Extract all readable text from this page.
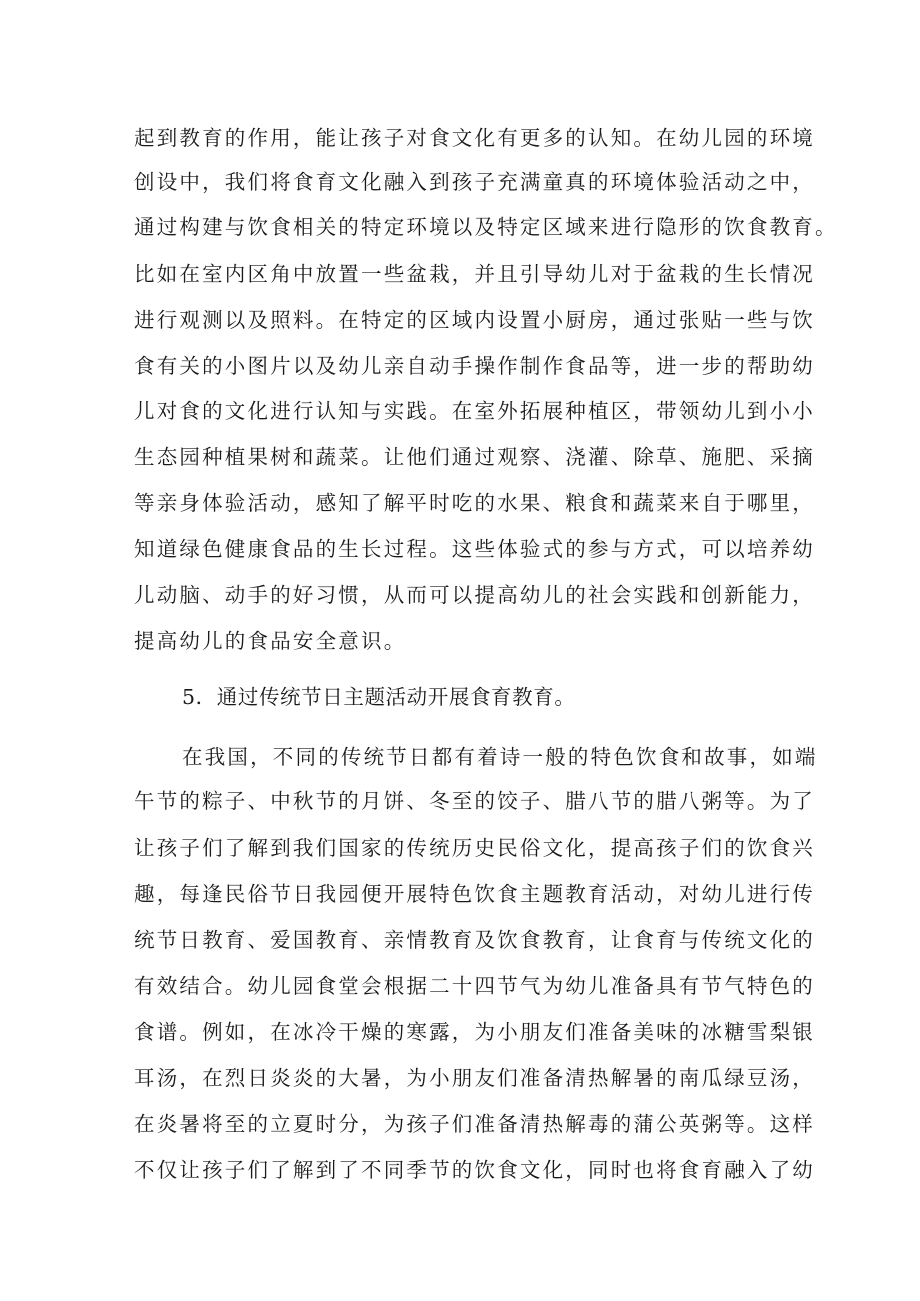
起到教育的作用，能让孩子对食文化有更多的认知。在幼儿园的环境
创设中，我们将食育文化融入到孩子充满童真的环境体验活动之中，
通过构建与饮食相关的特定环境以及特定区域来进行隐形的饮食教育。
比如在室内区角中放置一些盆栽，并且引导幼儿对于盆栽的生长情况
进行观测以及照料。在特定的区域内设置小厨房，通过张贴一些与饮
食有关的小图片以及幼儿亲自动手操作制作食品等，进一步的帮助幼
儿对食的文化进行认知与实践。在室外拓展种植区，带领幼儿到小小
生态园种植果树和蔬菜。让他们通过观察、浇灌、除草、施肥、采摘
等亲身体验活动，感知了解平时吃的水果、粮食和蔬菜来自于哪里，
知道绿色健康食品的生长过程。这些体验式的参与方式，可以培养幼
儿动脑、动手的好习惯，从而可以提高幼儿的社会实践和创新能力，
提高幼儿的食品安全意识。
5．通过传统节日主题活动开展食育教育。
在我国，不同的传统节日都有着诗一般的特色饮食和故事，如端
午节的粽子、中秋节的月饼、冬至的饺子、腊八节的腊八粥等。为了
让孩子们了解到我们国家的传统历史民俗文化，提高孩子们的饮食兴
趣，每逢民俗节日我园便开展特色饮食主题教育活动，对幼儿进行传
统节日教育、爱国教育、亲情教育及饮食教育，让食育与传统文化的
有效结合。幼儿园食堂会根据二十四节气为幼儿准备具有节气特色的
食谱。例如，在冰冷干燥的寒露，为小朋友们准备美味的冰糖雪梨银
耳汤，在烈日炎炎的大暑，为小朋友们准备清热解暑的南瓜绿豆汤，
在炎暑将至的立夏时分，为孩子们准备清热解毒的蒲公英粥等。这样
不仅让孩子们了解到了不同季节的饮食文化，同时也将食育融入了幼
